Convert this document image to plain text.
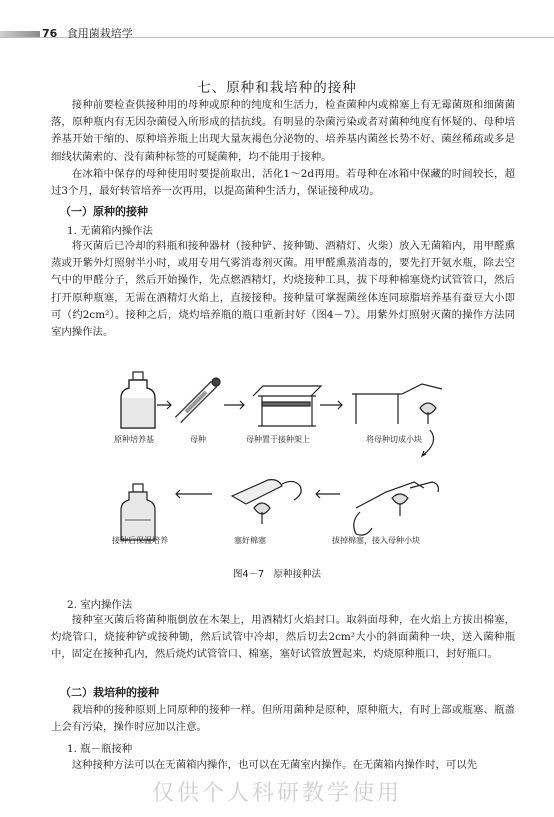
76 食用菌栽培学
七、原种和栽培种的接种
接种前要检查供接种用的母种或原种的纯度和生活力，检查菌种内或棉塞上有无霉菌斑和细菌菌落，原种瓶内有无因杂菌侵入所形成的拮抗线。有明显的杂菌污染或者对菌种纯度有怀疑的、母种培养基开始干缩的、原种培养瓶上出现大量灰褐色分泌物的、培养基内菌丝长势不好、菌丝稀疏或多是细线状菌索的、没有菌种标签的可疑菌种，均不能用于接种。
在冰箱中保存的母种使用时要提前取出，活化1～2d再用。若母种在冰箱中保藏的时间较长，超过3个月，最好转管培养一次再用，以提高菌种生活力，保证接种成功。
（一）原种的接种
1. 无菌箱内操作法
将灭菌后已冷却的料瓶和接种器材（接种铲、接种锄、酒精灯、火柴）放入无菌箱内，用甲醛熏蒸或开紫外灯照射半小时，或用专用气雾消毒剂灭菌。用甲醛熏蒸消毒的，要先打开氨水瓶，除去空气中的甲醛分子，然后开始操作，先点燃酒精灯，灼烧接种工具，拔下母种棉塞烧灼试管管口，然后打开原种瓶塞，无需在酒精灯火焰上，直接接种。接种量可掌握菌丝体连同琼脂培养基有蚕豆大小即可（约2cm²）。接种之后，烧灼培养瓶的瓶口重新封好（图4－7）。用紫外灯照射灭菌的操作方法同室内操作法。
原种培养基	母种	母种置于接种架上	将母种切成小块
接种后保温培养	塞好棉塞	拔掉棉塞，接入母种小块
图4－7　原种接种法
2. 室内操作法
接种室灭菌后将菌种瓶倒放在木架上，用酒精灯火焰封口。取斜面母种，在火焰上方拔出棉塞，灼烧管口，烧接种铲或接种锄，然后试管中冷却，然后切去2cm²大小的斜面菌种一块，送入菌种瓶中，固定在接种孔内，然后烧灼试管管口、棉塞，塞好试管放置起来，灼烧原种瓶口，封好瓶口。
（二）栽培种的接种
栽培种的接种原则上同原种的接种一样。但所用菌种是原种，原种瓶大，有时上部或瓶塞、瓶盖上会有污染，操作时应加以注意。
1. 瓶－瓶接种
这种接种方法可以在无菌箱内操作，也可以在无菌室内操作。在无菌箱内操作时，可以先
仅供个人科研教学使用
